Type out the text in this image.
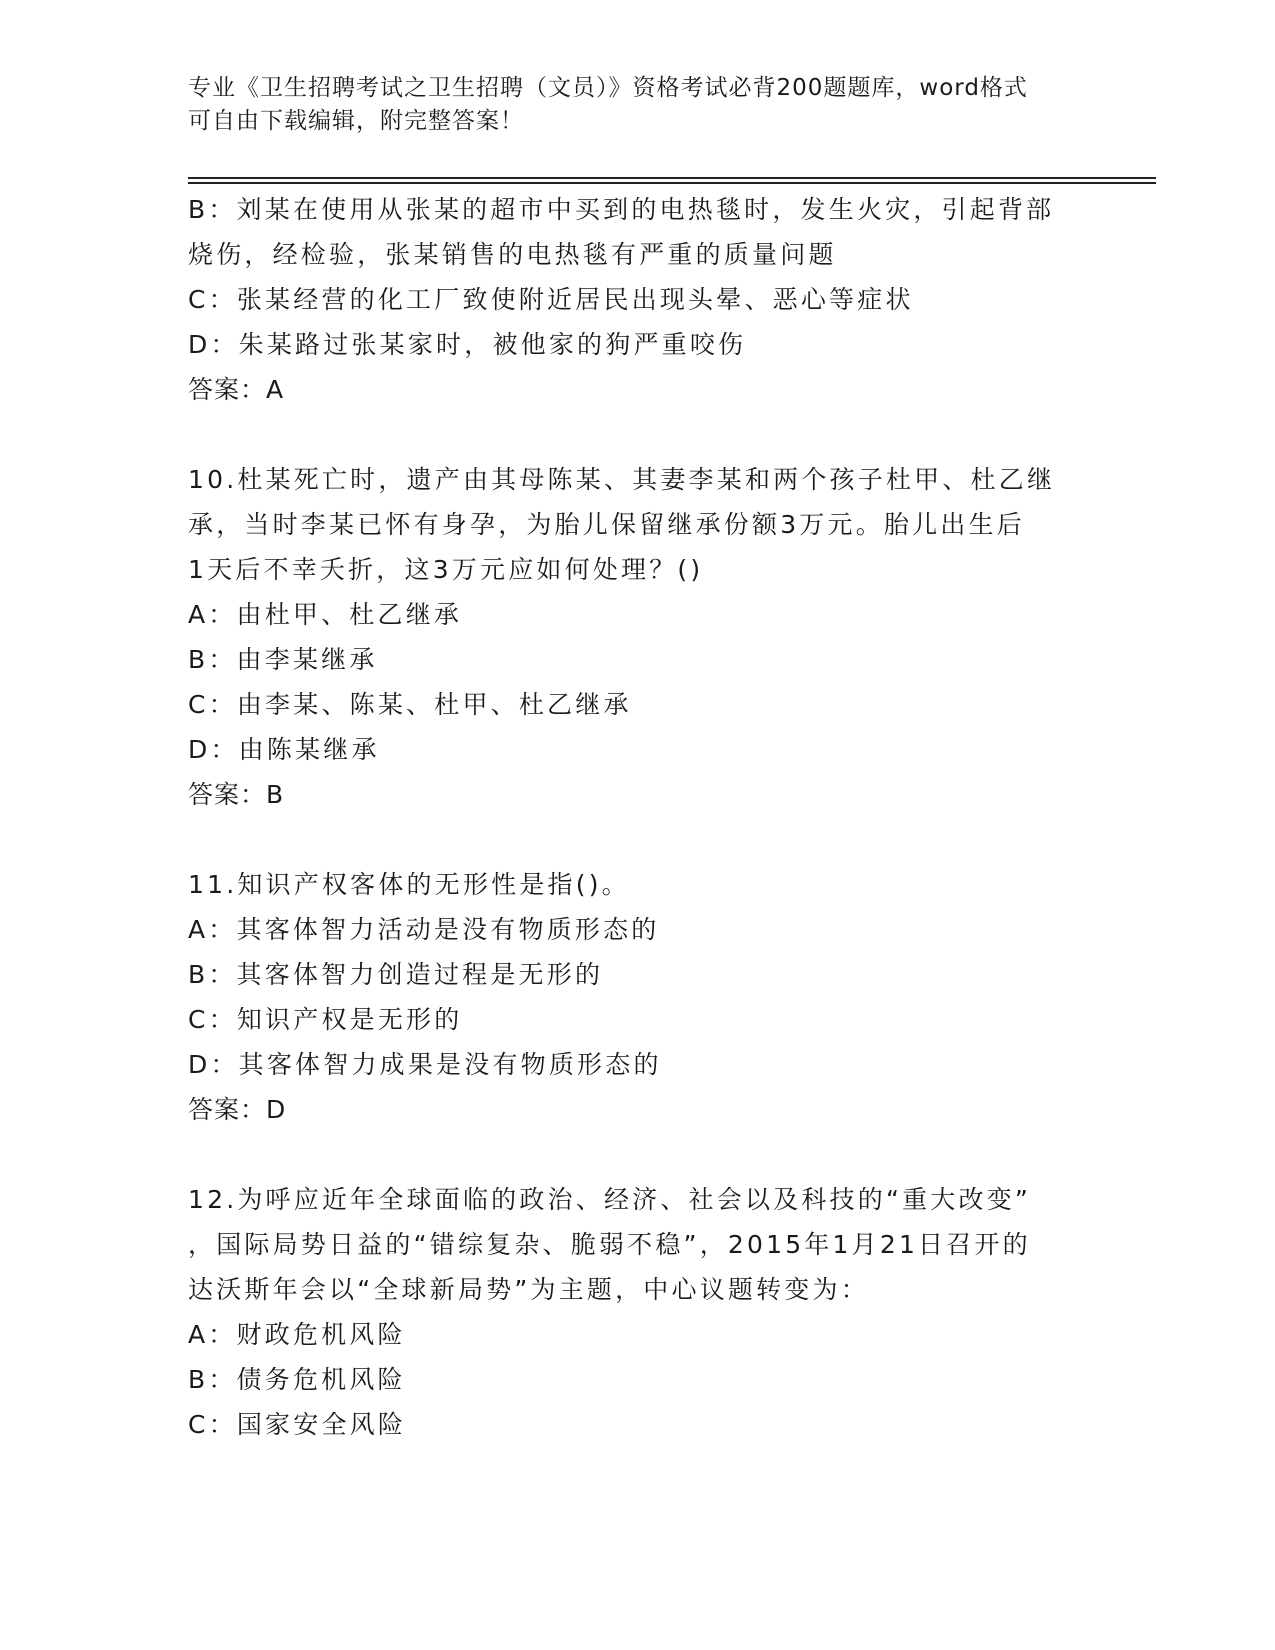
专业《卫生招聘考试之卫生招聘（文员）》资格考试必背200题题库，word格式
可自由下载编辑，附完整答案！
B：刘某在使用从张某的超市中买到的电热毯时，发生火灾，引起背部
烧伤，经检验，张某销售的电热毯有严重的质量问题
C：张某经营的化工厂致使附近居民出现头晕、恶心等症状
D：朱某路过张某家时，被他家的狗严重咬伤
答案：A
10.杜某死亡时，遗产由其母陈某、其妻李某和两个孩子杜甲、杜乙继
承，当时李某已怀有身孕，为胎儿保留继承份额3万元。胎儿出生后
1天后不幸夭折，这3万元应如何处理？()
A：由杜甲、杜乙继承
B：由李某继承
C：由李某、陈某、杜甲、杜乙继承
D：由陈某继承
答案：B
11.知识产权客体的无形性是指()。
A：其客体智力活动是没有物质形态的
B：其客体智力创造过程是无形的
C：知识产权是无形的
D：其客体智力成果是没有物质形态的
答案：D
12.为呼应近年全球面临的政治、经济、社会以及科技的“重大改变”
，国际局势日益的“错综复杂、脆弱不稳”，2015年1月21日召开的
达沃斯年会以“全球新局势”为主题，中心议题转变为：
A：财政危机风险
B：债务危机风险
C：国家安全风险
